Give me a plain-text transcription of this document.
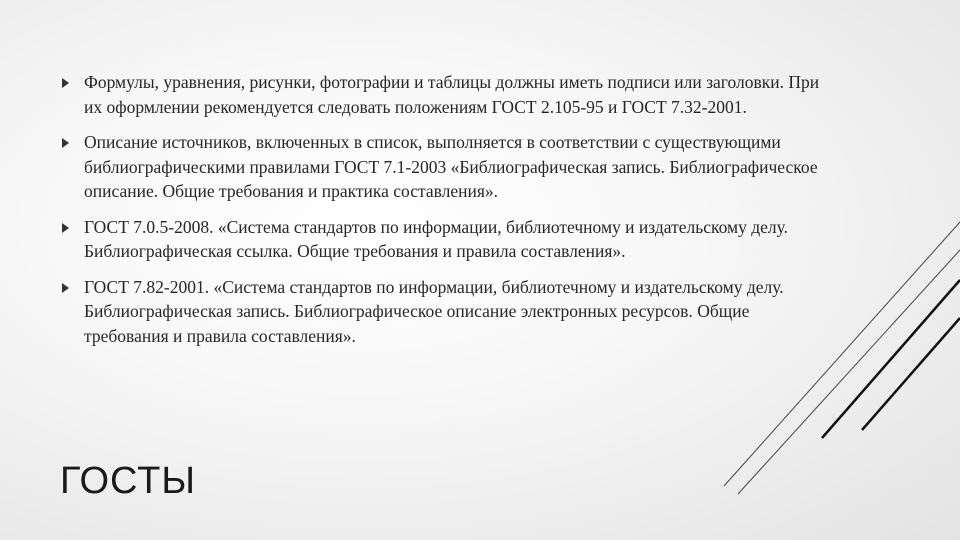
Формулы, уравнения, рисунки, фотографии и таблицы должны иметь подписи или заголовки. При их оформлении рекомендуется следовать положениям ГОСТ 2.105-95 и ГОСТ 7.32-2001.
Описание источников, включенных в список, выполняется в соответствии с существующими библиографическими правилами ГОСТ 7.1-2003 «Библиографическая запись. Библиографическое описание. Общие требования и практика составления».
ГОСТ 7.0.5-2008. «Система стандартов по информации, библиотечному и издательскому делу. Библиографическая ссылка. Общие требования и правила составления».
ГОСТ 7.82-2001. «Система стандартов по информации, библиотечному и издательскому делу. Библиографическая запись. Библиографическое описание электронных ресурсов. Общие требования и правила составления».
ГОСТЫ
